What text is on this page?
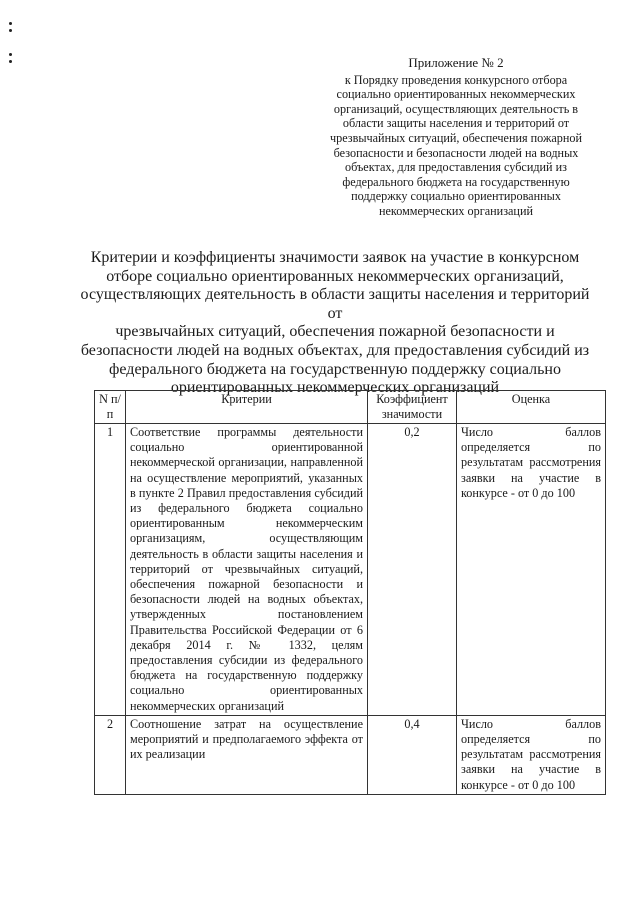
Приложение № 2
к Порядку проведения конкурсного отбора
социально ориентированных некоммерческих
организаций, осуществляющих деятельность в
области защиты населения и территорий от
чрезвычайных ситуаций, обеспечения пожарной
безопасности и безопасности людей на водных
объектах, для предоставления субсидий из
федерального бюджета на государственную
поддержку социально ориентированных
некоммерческих организаций
Критерии и коэффициенты значимости заявок на участие в конкурсном
отборе социально ориентированных некоммерческих организаций,
осуществляющих деятельность в области защиты населения и территорий от
чрезвычайных ситуаций, обеспечения пожарной безопасности и
безопасности людей на водных объектах, для предоставления субсидий из
федерального бюджета на государственную поддержку социально
ориентированных некоммерческих организаций
N п/п	Критерии	Коэффициент значимости	Оценка
1	Соответствие программы деятельности социально ориентированной некоммерческой организации, направленной на осуществление мероприятий, указанных в пункте 2 Правил предоставления субсидий из федерального бюджета социально ориентированным некоммерческим организациям, осуществляющим деятельность в области защиты населения и территорий от чрезвычайных ситуаций, обеспечения пожарной безопасности и безопасности людей на водных объектах, утвержденных постановлением Правительства Российской Федерации от 6 декабря 2014 г. № 1332, целям предоставления субсидии из федерального бюджета на государственную поддержку социально ориентированных некоммерческих организаций	0,2	Число баллов определяется по результатам рассмотрения заявки на участие в конкурсе - от 0 до 100
2	Соотношение затрат на осуществление мероприятий и предполагаемого эффекта от их реализации	0,4	Число баллов определяется по результатам рассмотрения заявки на участие в конкурсе - от 0 до 100
